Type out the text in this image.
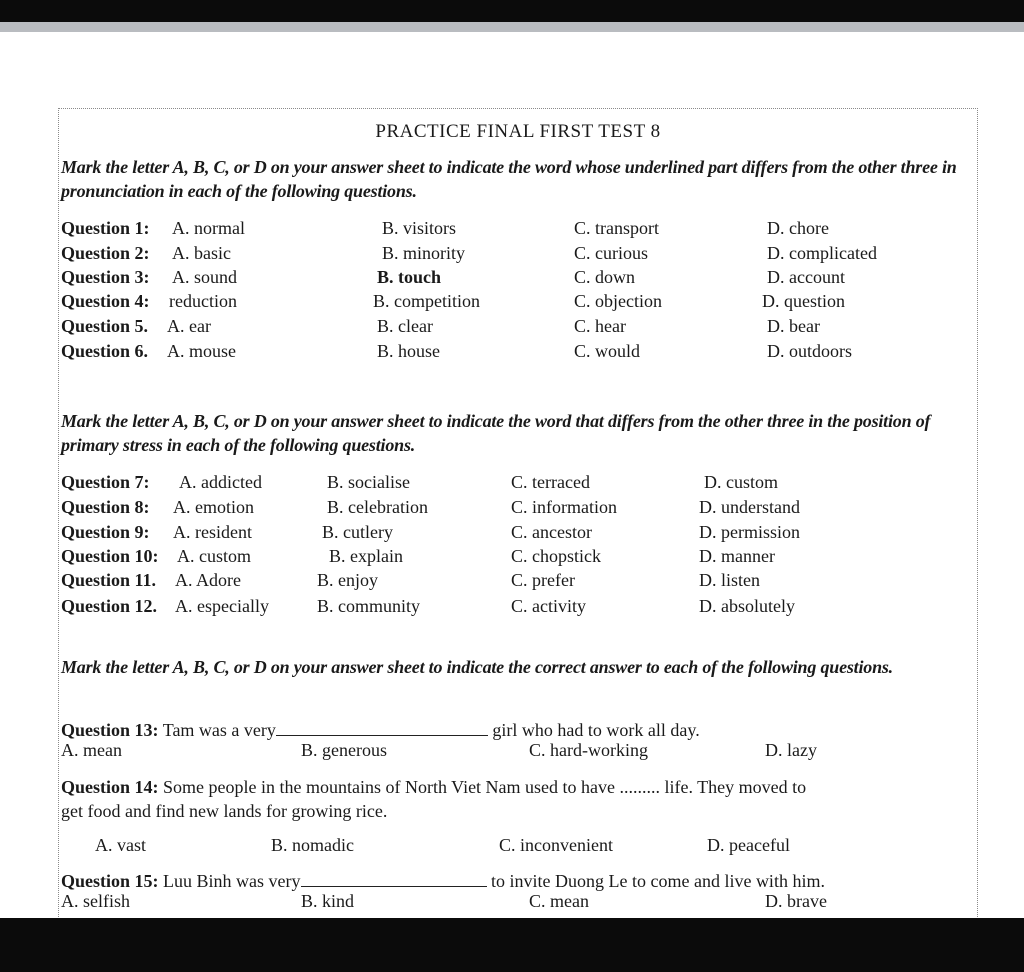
PRACTICE FINAL FIRST TEST 8
Mark the letter A, B, C, or D on your answer sheet to indicate the word whose underlined part differs from the other three in pronunciation in each of the following questions.
Question 1: A. normal	B. visitors	C. transport	D. chore
Question 2: A. basic	B. minority	C. curious	D. complicated
Question 3: A. sound	B. touch	C. down	D. account
Question 4: reduction	B. competition	C. objection	D. question
Question 5. A. ear	B. clear	C. hear	D. bear
Question 6. A. mouse	B. house	C. would	D. outdoors
Mark the letter A, B, C, or D on your answer sheet to indicate the word that differs from the other three in the position of primary stress in each of the following questions.
Question 7: A. addicted	B. socialise	C. terraced	D. custom
Question 8: A. emotion	B. celebration	C. information	D. understand
Question 9: A. resident	B. cutlery	C. ancestor	D. permission
Question 10: A. custom	B. explain	C. chopstick	D. manner
Question 11. A. Adore	B. enjoy	C. prefer	D. listen
Question 12. A. especially	B. community	C. activity	D. absolutely
Mark the letter A, B, C, or D on your answer sheet to indicate the correct answer to each of the following questions.
Question 13: Tam was a very	girl who had to work all day.
A. mean	B. generous	C. hard-working	D. lazy
Question 14: Some people in the mountains of North Viet Nam used to have ......... life. They moved to
get food and find new lands for growing rice.
A. vast	B. nomadic	C. inconvenient	D. peaceful
Question 15: Luu Binh was very	to invite Duong Le to come and live with him.
A. selfish	B. kind	C. mean	D. brave
